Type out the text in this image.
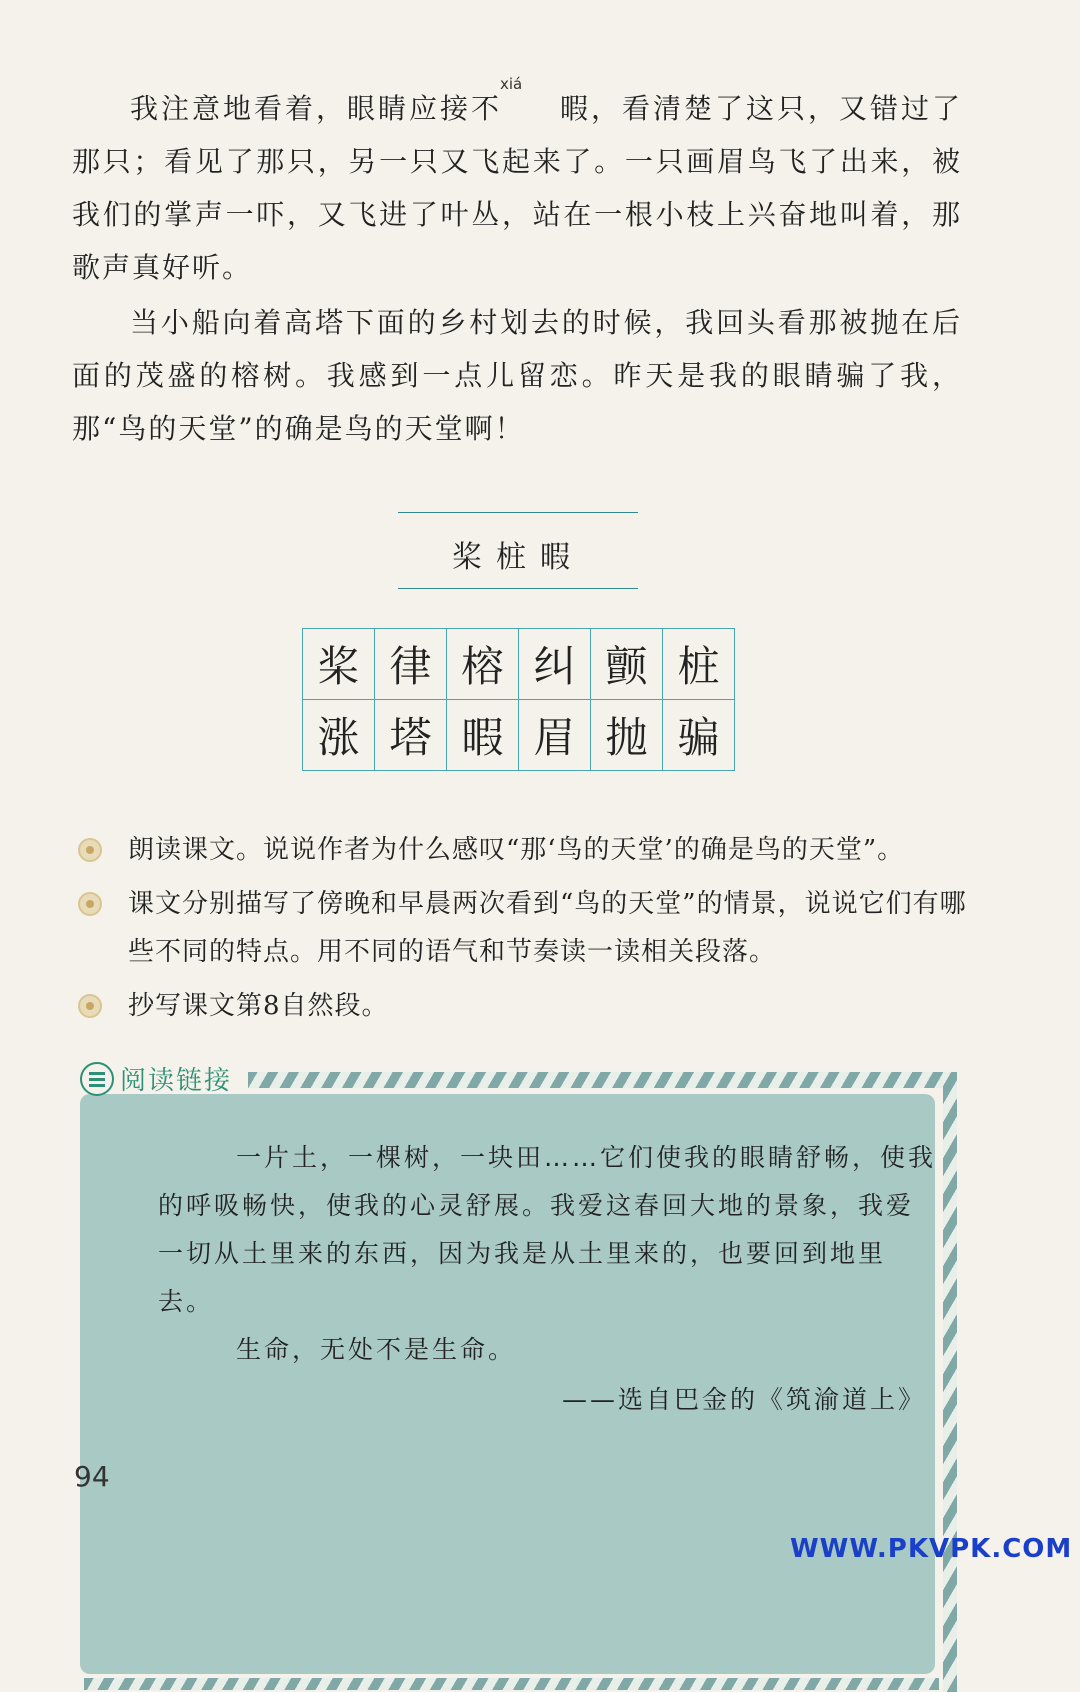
我注意地看着，眼睛应接不
xiá
暇，看清楚了这只，又错过了那只；看见了那只，另一只又飞起来了。一只画眉鸟飞了出来，被我们的掌声一吓，又飞进了叶丛，站在一根小枝上兴奋地叫着，那歌声真好听。

当小船向着高塔下面的乡村划去的时候，我回头看那被抛在后面的茂盛的榕树。我感到一点儿留恋。昨天是我的眼睛骗了我，那“鸟的天堂”的确是鸟的天堂啊！

桨桩暇
桨	律	榕	纠	颤	桩
涨	塔	暇	眉	抛	骗
朗读课文。说说作者为什么感叹“那‘鸟的天堂’的确是鸟的天堂”。
课文分别描写了傍晚和早晨两次看到“鸟的天堂”的情景，说说它们有哪些不同的特点。用不同的语气和节奏读一读相关段落。
抄写课文第8自然段。

一片土，一棵树，一块田……它们使我的眼睛舒畅，使我的呼吸畅快，使我的心灵舒展。我爱这春回大地的景象，我爱一切从土里来的东西，因为我是从土里来的，也要回到地里去。

生命，无处不是生命。

——选自巴金的《筑渝道上》

阅读链接
94
WWW.PKVPK.COM
